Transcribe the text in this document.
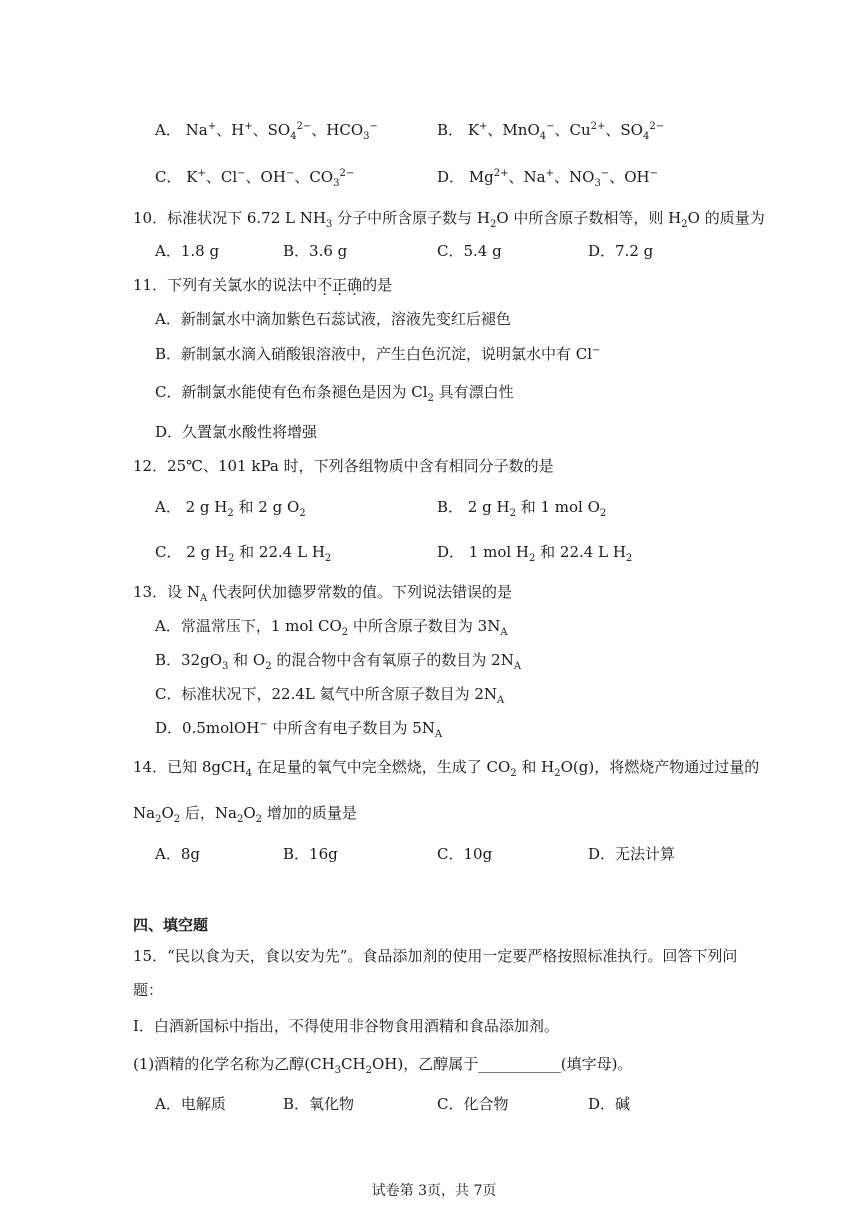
A． Na+、H+、$SO_4^{2-}$、$HCO_3^-$	B． K+、MnO$_4$−、$Cu^{2+}$、$SO_4^{2-}$
C． K+、Cl−、OH−、$CO_3^{2-}$	D． $Mg^{2+}$、Na+、$NO_3^-$、OH−
10．标准状况下 6.72 L $NH_3$ 分子中所含原子数与 $H_2O$ 中所含原子数相等，则 $H_2O$ 的质量为
A．1.8 g	B．3.6 g	C．5.4 g	D．7.2 g
11．下列有关氯水的说法中不正确的是
A．新制氯水中滴加紫色石蕊试液，溶液先变红后褪色
B．新制氯水滴入硝酸银溶液中，产生白色沉淀，说明氯水中有 Cl−
C．新制氯水能使有色布条褪色是因为 $Cl_2$ 具有漂白性
D．久置氯水酸性将增强
12．25℃、101 kPa 时，下列各组物质中含有相同分子数的是
A． 2 g $H_2$ 和 2 g $O_2$	B． 2 g $H_2$ 和 1 mol $O_2$
C． 2 g $H_2$ 和 22.4 L $H_2$	D． 1 mol $H_2$ 和 22.4 L $H_2$
13．设 $N_A$ 代表阿伏加德罗常数的值。下列说法错误的是
A．常温常压下，1 mol $CO_2$ 中所含原子数目为 $3N_A$
B．$32gO_3$ 和 $O_2$ 的混合物中含有氧原子的数目为 $2N_A$
C．标准状况下，22.4L 氦气中所含原子数目为 $2N_A$
D．0.5molOH− 中所含有电子数目为 $5N_A$
14．已知 8gCH$_4$ 在足量的氧气中完全燃烧，生成了 $CO_2$ 和 $H_2O(g)$，将燃烧产物通过过量的
$Na_2O_2$ 后，$Na_2O_2$ 增加的质量是
A．8g	B．16g	C．10g	D．无法计算
四、填空题
15．“民以食为天，食以安为先”。食品添加剂的使用一定要严格按照标准执行。回答下列问
题：
I．白酒新国标中指出，不得使用非谷物食用酒精和食品添加剂。
(1)酒精的化学名称为乙醇$(CH_3CH_2OH)$，乙醇属于___________(填字母)。
A．电解质	B．氧化物	C．化合物	D．碱
试卷第 3页，共 7页
